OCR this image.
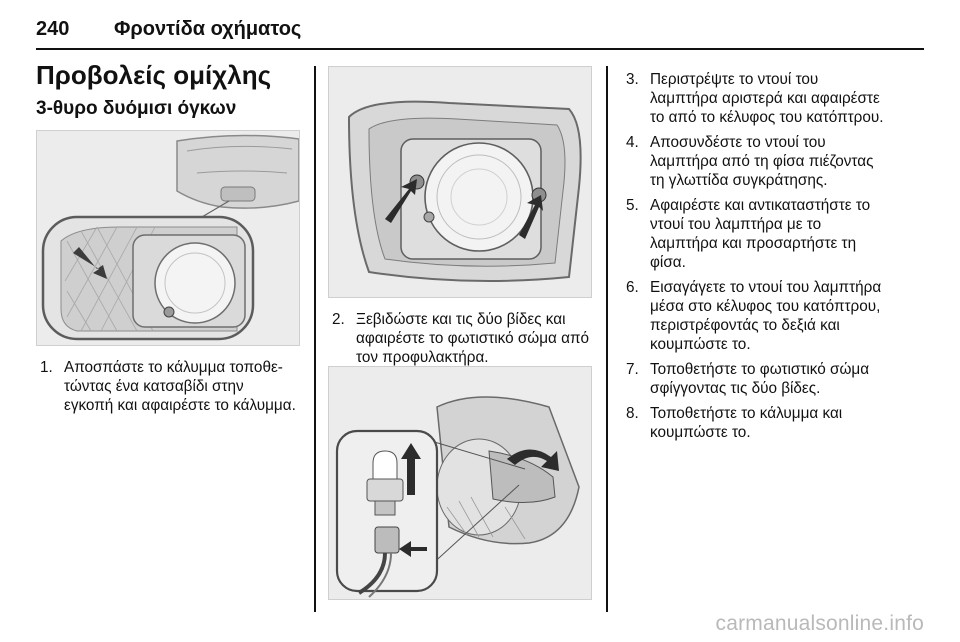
240 Φροντίδα οχήματος
Προβολείς ομίχλης
3-θυρο δυόμισι όγκων
1. Αποσπάστε το κάλυμμα τοποθε-
τώντας ένα κατσαβίδι στην
εγκοπή και αφαιρέστε το κάλυμμα.
2. Ξεβιδώστε και τις δύο βίδες και
αφαιρέστε το φωτιστικό σώμα από
τον προφυλακτήρα.
3. Περιστρέψτε το ντουί του
λαμπτήρα αριστερά και αφαιρέστε
το από το κέλυφος του κατόπτρου.
4. Αποσυνδέστε το ντουί του
λαμπτήρα από τη φίσα πιέζοντας
τη γλωττίδα συγκράτησης.
5. Αφαιρέστε και αντικαταστήστε το
ντουί του λαμπτήρα με το
λαμπτήρα και προσαρτήστε τη
φίσα.
6. Εισαγάγετε το ντουί του λαμπτήρα
μέσα στο κέλυφος του κατόπτρου,
περιστρέφοντάς το δεξιά και
κουμπώστε το.
7. Τοποθετήστε το φωτιστικό σώμα
σφίγγοντας τις δύο βίδες.
8. Τοποθετήστε το κάλυμμα και
κουμπώστε το.
carmanualsonline.info
